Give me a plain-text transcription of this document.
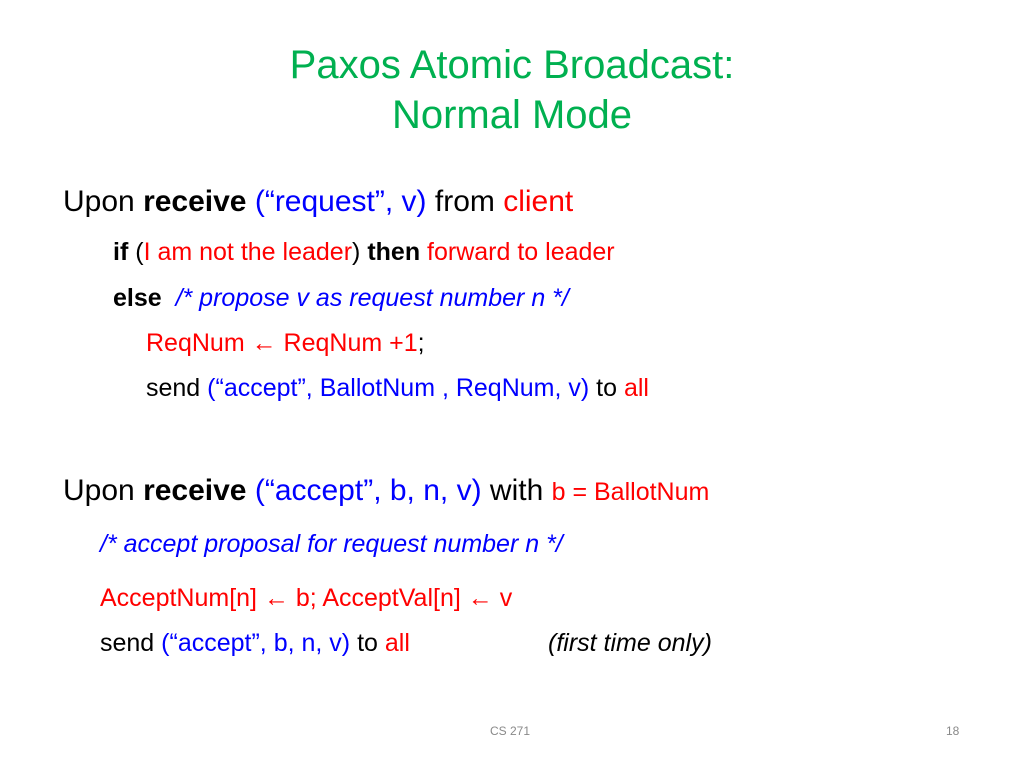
Paxos Atomic Broadcast:
Normal Mode
Upon receive (“request”, v) from client
if (I am not the leader) then forward to leader
else  /* propose v as request number n */
ReqNum ← ReqNum +1;
send (“accept”, BallotNum , ReqNum, v) to all
Upon receive (“accept”, b, n, v) with b = BallotNum
/* accept proposal for request number n */
AcceptNum[n] ← b; AcceptVal[n] ← v
send (“accept”, b, n, v) to all	(first time only)
CS 271	18
